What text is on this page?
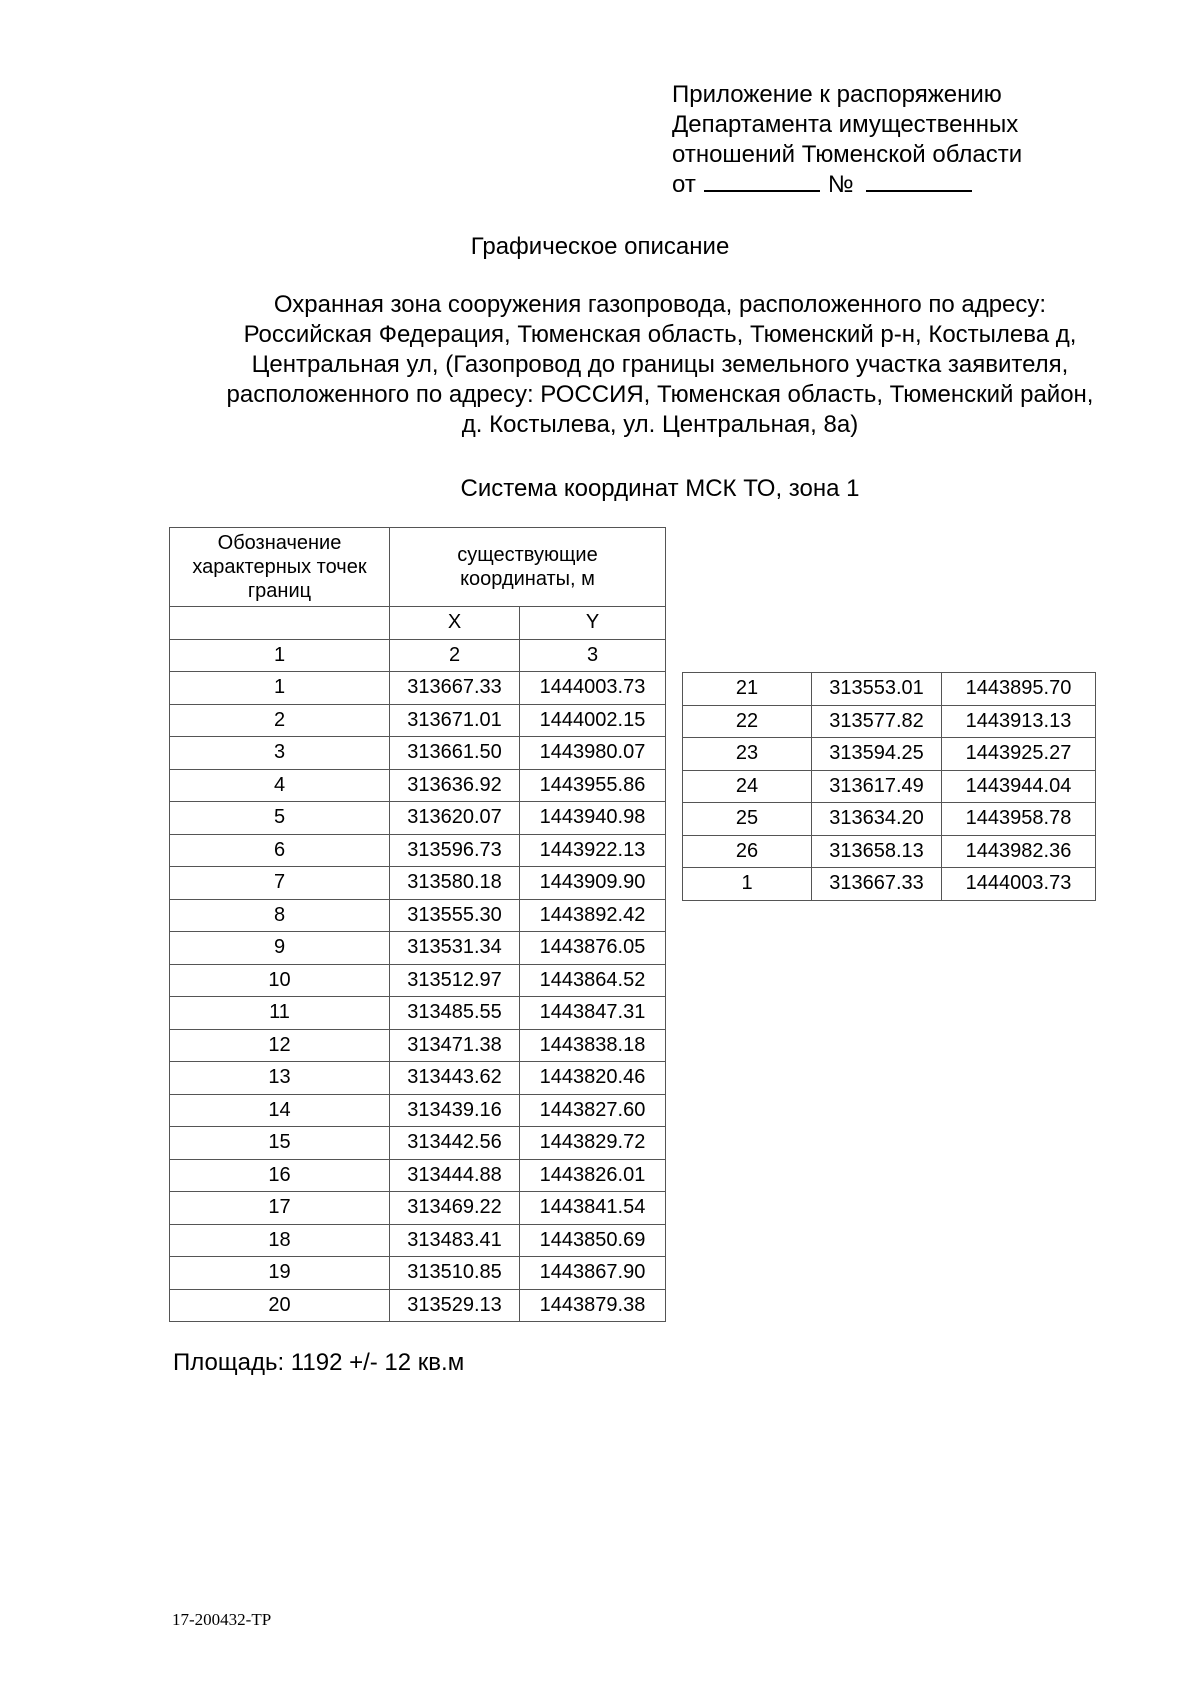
Приложение к распоряжению
Департамента имущественных
отношений Тюменской области
от	№
Графическое описание
Охранная зона сооружения газопровода, расположенного по адресу:
Российская Федерация, Тюменская область, Тюменский р-н, Костылева д,
Центральная ул, (Газопровод до границы земельного участка заявителя,
расположенного по адресу: РОССИЯ, Тюменская область, Тюменский район,
д. Костылева, ул. Центральная, 8а)
Система координат МСК ТО, зона 1
Обозначение характерных точек границ	существующие координаты, м	
	X	Y
1	2	3
1	313667.33	1444003.73
2	313671.01	1444002.15
3	313661.50	1443980.07
4	313636.92	1443955.86
5	313620.07	1443940.98
6	313596.73	1443922.13
7	313580.18	1443909.90
8	313555.30	1443892.42
9	313531.34	1443876.05
10	313512.97	1443864.52
11	313485.55	1443847.31
12	313471.38	1443838.18
13	313443.62	1443820.46
14	313439.16	1443827.60
15	313442.56	1443829.72
16	313444.88	1443826.01
17	313469.22	1443841.54
18	313483.41	1443850.69
19	313510.85	1443867.90
20	313529.13	1443879.38
21	313553.01	1443895.70
22	313577.82	1443913.13
23	313594.25	1443925.27
24	313617.49	1443944.04
25	313634.20	1443958.78
26	313658.13	1443982.36
1	313667.33	1444003.73
Площадь: 1192 +/- 12 кв.м
17-200432-ТР
